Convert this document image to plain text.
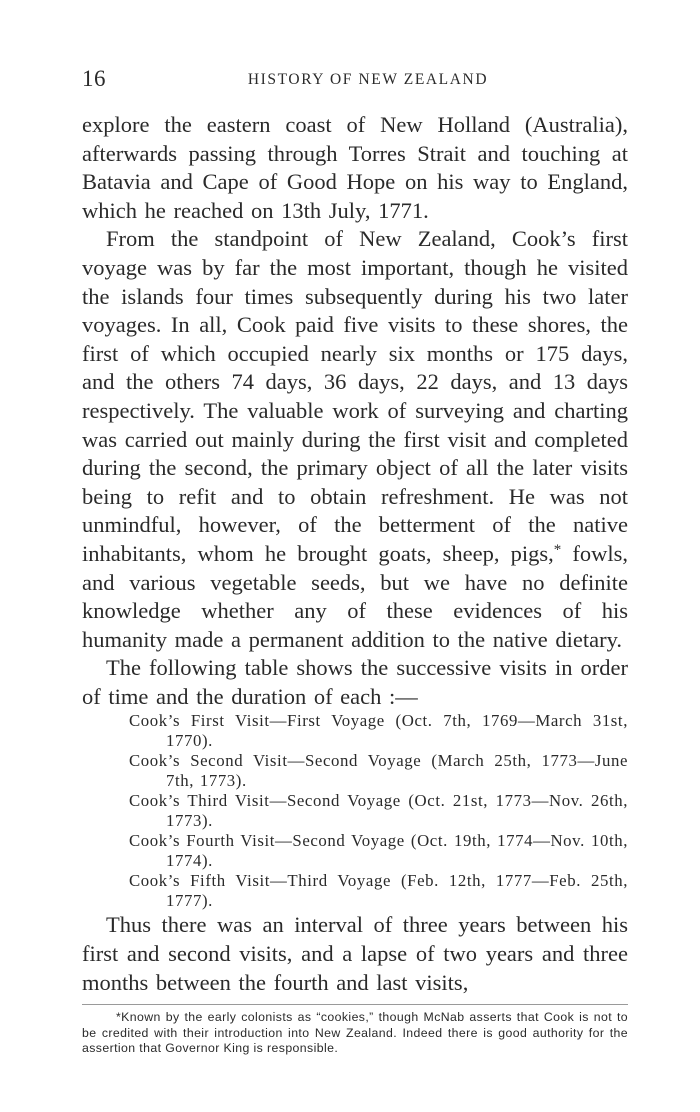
16	HISTORY OF NEW ZEALAND

explore the eastern coast of New Holland (Australia), afterwards passing through Torres Strait and touching at Batavia and Cape of Good Hope on his way to England, which he reached on 13th July, 1771.

From the standpoint of New Zealand, Cook’s first voyage was by far the most important, though he visited the islands four times subsequently during his two later voyages. In all, Cook paid five visits to these shores, the first of which occupied nearly six months or 175 days, and the others 74 days, 36 days, 22 days, and 13 days respectively. The valuable work of surveying and charting was carried out mainly during the first visit and completed during the second, the primary object of all the later visits being to refit and to obtain refreshment. He was not unmindful, however, of the betterment of the native inhabitants, whom he brought goats, sheep, pigs,* fowls, and various vegetable seeds, but we have no definite knowledge whether any of these evidences of his humanity made a permanent addition to the native dietary.

The following table shows the successive visits in order of time and the duration of each :—

Cook’s First Visit—First Voyage (Oct. 7th, 1769—March 31st, 1770).
Cook’s Second Visit—Second Voyage (March 25th, 1773—June 7th, 1773).
Cook’s Third Visit—Second Voyage (Oct. 21st, 1773—Nov. 26th, 1773).
Cook’s Fourth Visit—Second Voyage (Oct. 19th, 1774—Nov. 10th, 1774).
Cook’s Fifth Visit—Third Voyage (Feb. 12th, 1777—Feb. 25th, 1777).

Thus there was an interval of three years between his first and second visits, and a lapse of two years and three months between the fourth and last visits,

*Known by the early colonists as “cookies,” though McNab asserts that Cook is not to be credited with their introduction into New Zealand. Indeed there is good authority for the assertion that Governor King is responsible.
